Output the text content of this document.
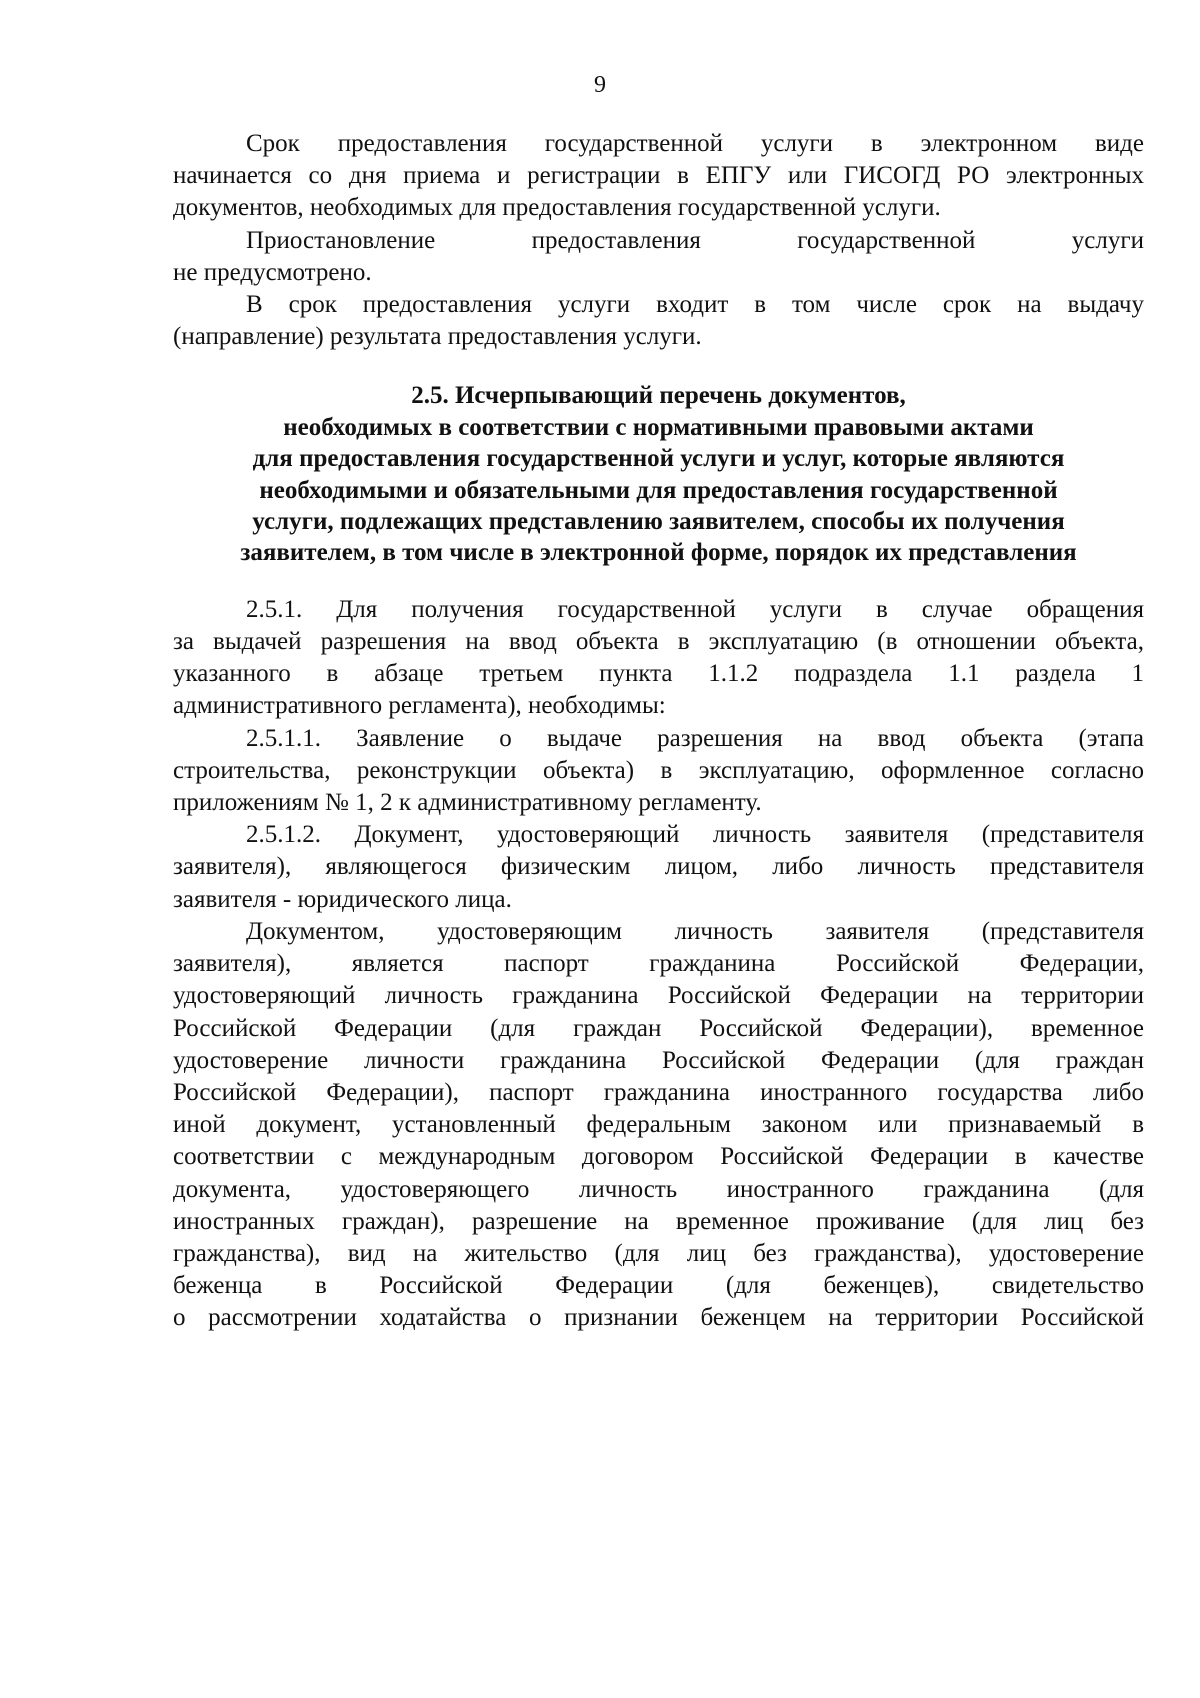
9
Срок предоставления государственной услуги в электронном виде
начинается со дня приема и регистрации в ЕПГУ или ГИСОГД РО электронных
документов, необходимых для предоставления государственной услуги.
Приостановление предоставления государственной услуги
не предусмотрено.
В срок предоставления услуги входит в том числе срок на выдачу
(направление) результата предоставления услуги.
2.5. Исчерпывающий перечень документов,
необходимых в соответствии с нормативными правовыми актами
для предоставления государственной услуги и услуг, которые являются
необходимыми и обязательными для предоставления государственной
услуги, подлежащих представлению заявителем, способы их получения
заявителем, в том числе в электронной форме, порядок их представления
2.5.1. Для получения государственной услуги в случае обращения
за выдачей разрешения на ввод объекта в эксплуатацию (в отношении объекта,
указанного в абзаце третьем пункта 1.1.2 подраздела 1.1 раздела 1
административного регламента), необходимы:
2.5.1.1. Заявление о выдаче разрешения на ввод объекта (этапа
строительства, реконструкции объекта) в эксплуатацию, оформленное согласно
приложениям № 1, 2 к административному регламенту.
2.5.1.2. Документ, удостоверяющий личность заявителя (представителя
заявителя), являющегося физическим лицом, либо личность представителя
заявителя - юридического лица.
Документом, удостоверяющим личность заявителя (представителя
заявителя), является паспорт гражданина Российской Федерации,
удостоверяющий личность гражданина Российской Федерации на территории
Российской Федерации (для граждан Российской Федерации), временное
удостоверение личности гражданина Российской Федерации (для граждан
Российской Федерации), паспорт гражданина иностранного государства либо
иной документ, установленный федеральным законом или признаваемый в
соответствии с международным договором Российской Федерации в качестве
документа, удостоверяющего личность иностранного гражданина (для
иностранных граждан), разрешение на временное проживание (для лиц без
гражданства), вид на жительство (для лиц без гражданства), удостоверение
беженца в Российской Федерации (для беженцев), свидетельство
о рассмотрении ходатайства о признании беженцем на территории Российской
